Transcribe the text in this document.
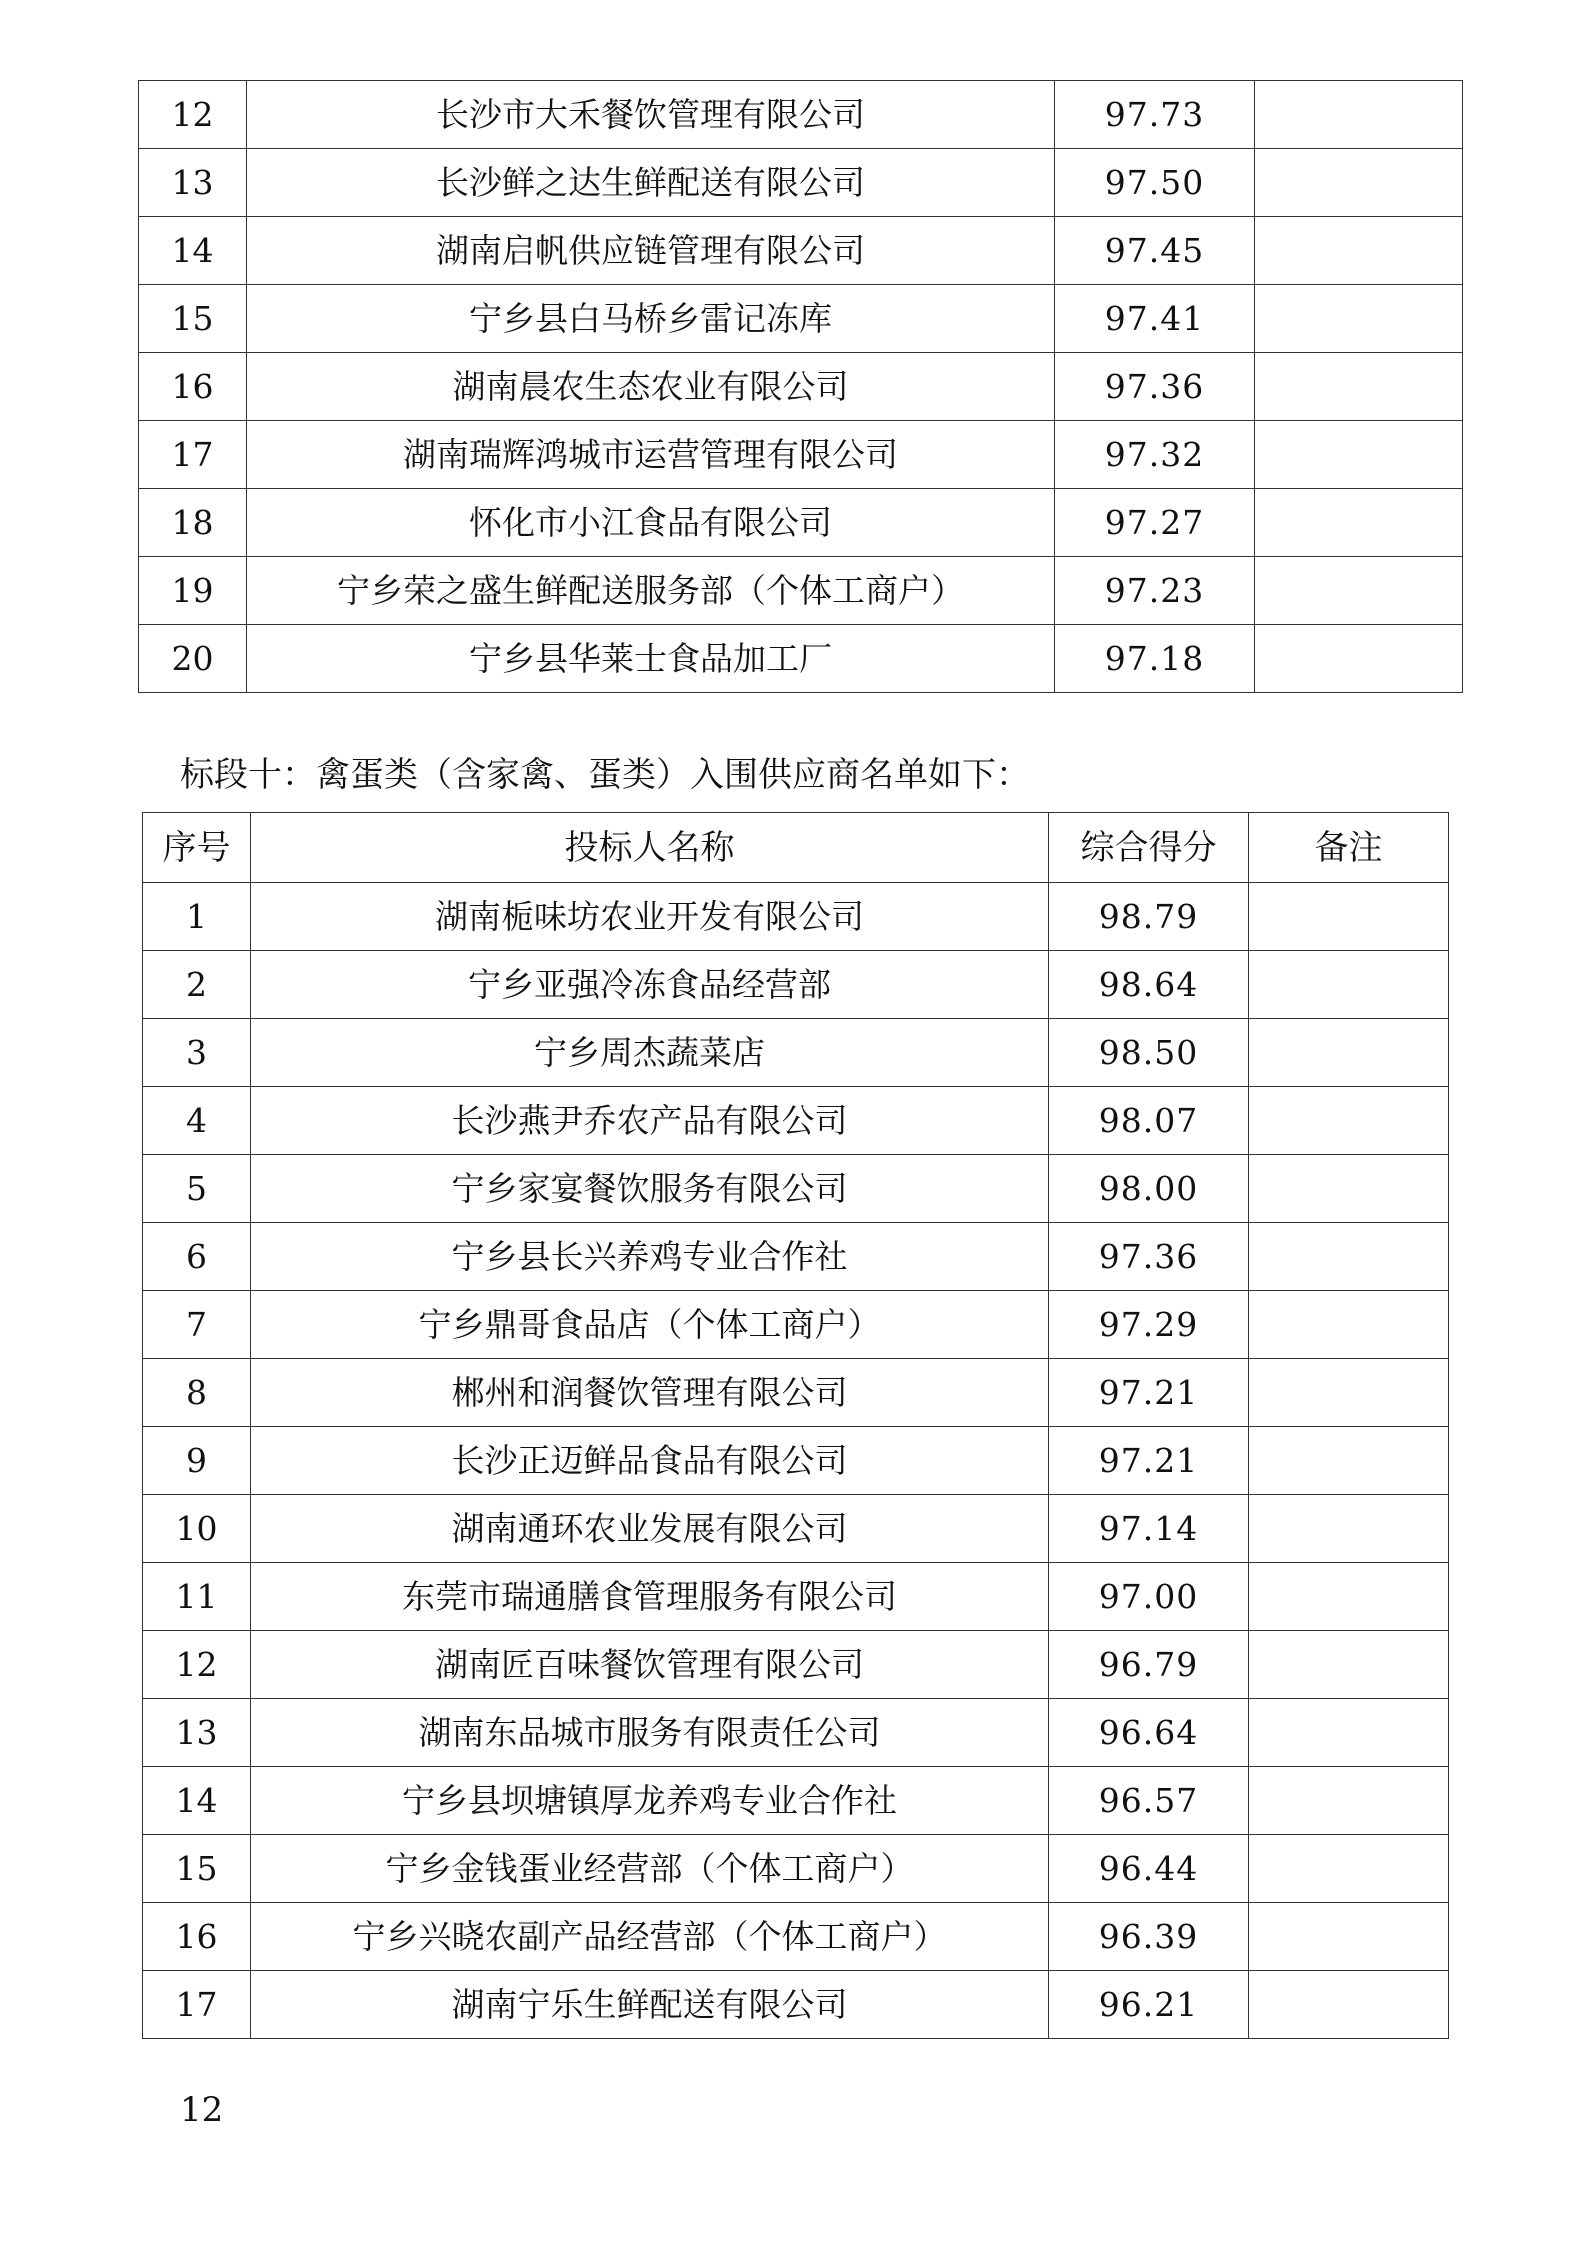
12	长沙市大禾餐饮管理有限公司	97.73	
13	长沙鲜之达生鲜配送有限公司	97.50	
14	湖南启帆供应链管理有限公司	97.45	
15	宁乡县白马桥乡雷记冻库	97.41	
16	湖南晨农生态农业有限公司	97.36	
17	湖南瑞辉鸿城市运营管理有限公司	97.32	
18	怀化市小江食品有限公司	97.27	
19	宁乡荣之盛生鲜配送服务部（个体工商户）	97.23	
20	宁乡县华莱士食品加工厂	97.18	
标段十：禽蛋类（含家禽、蛋类）入围供应商名单如下：
序号	投标人名称	综合得分	备注
1	湖南栀味坊农业开发有限公司	98.79	
2	宁乡亚强冷冻食品经营部	98.64	
3	宁乡周杰蔬菜店	98.50	
4	长沙燕尹乔农产品有限公司	98.07	
5	宁乡家宴餐饮服务有限公司	98.00	
6	宁乡县长兴养鸡专业合作社	97.36	
7	宁乡鼎哥食品店（个体工商户）	97.29	
8	郴州和润餐饮管理有限公司	97.21	
9	长沙正迈鲜品食品有限公司	97.21	
10	湖南通环农业发展有限公司	97.14	
11	东莞市瑞通膳食管理服务有限公司	97.00	
12	湖南匠百味餐饮管理有限公司	96.79	
13	湖南东品城市服务有限责任公司	96.64	
14	宁乡县坝塘镇厚龙养鸡专业合作社	96.57	
15	宁乡金钱蛋业经营部（个体工商户）	96.44	
16	宁乡兴晓农副产品经营部（个体工商户）	96.39	
17	湖南宁乐生鲜配送有限公司	96.21	
12
